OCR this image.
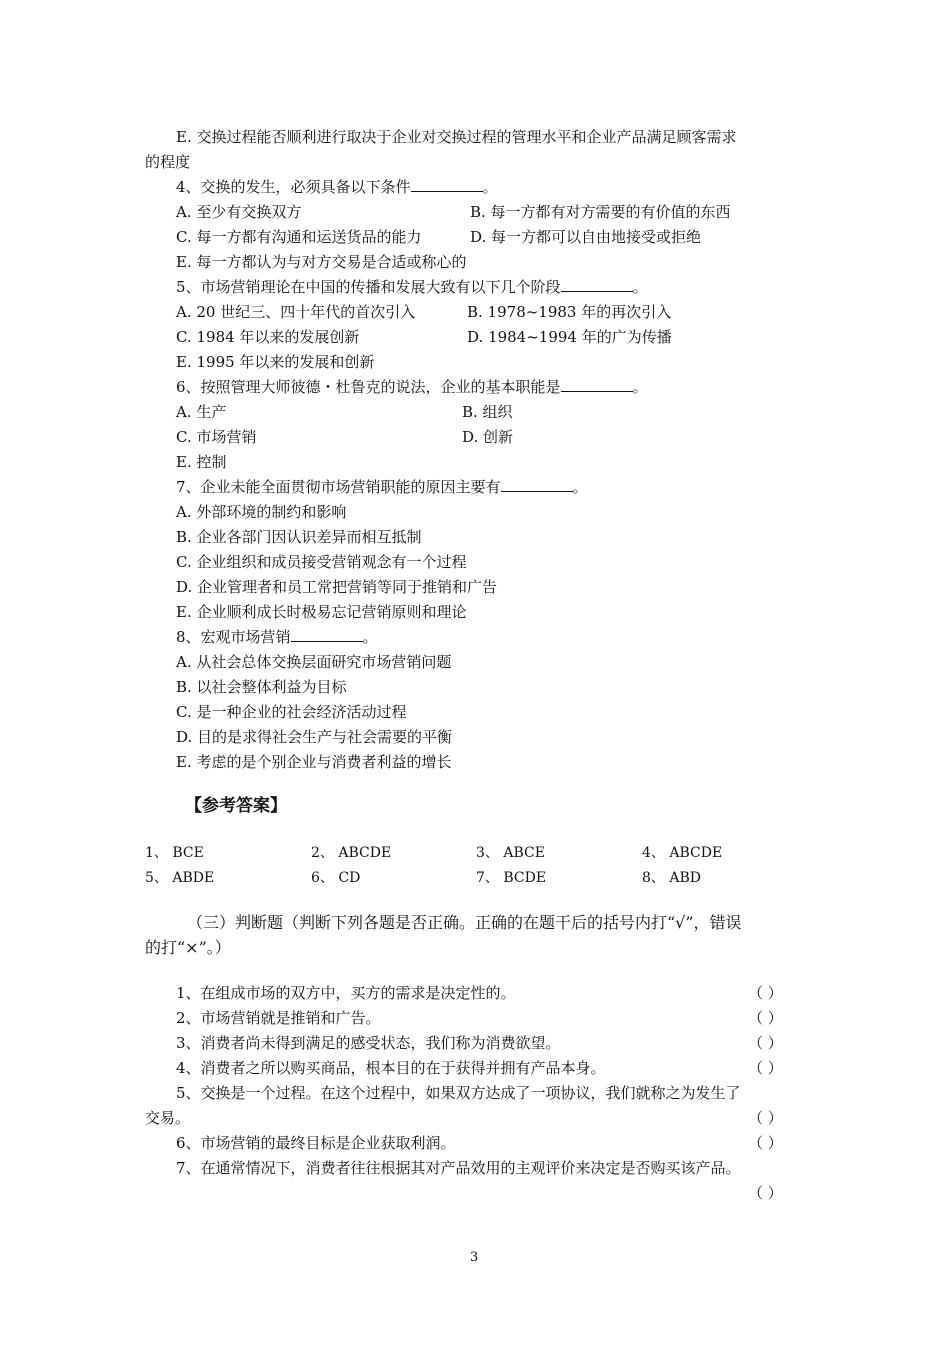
E. 交换过程能否顺利进行取决于企业对交换过程的管理水平和企业产品满足顾客需求
的程度
4、交换的发生，必须具备以下条件	。
A. 至少有交换双方	B. 每一方都有对方需要的有价值的东西
C. 每一方都有沟通和运送货品的能力	D. 每一方都可以自由地接受或拒绝
E. 每一方都认为与对方交易是合适或称心的
5、市场营销理论在中国的传播和发展大致有以下几个阶段	。
A. 20 世纪三、四十年代的首次引入	B. 1978~1983 年的再次引入
C. 1984 年以来的发展创新	D. 1984~1994 年的广为传播
E. 1995 年以来的发展和创新
6、按照管理大师彼德・杜鲁克的说法，企业的基本职能是	。
A. 生产	B. 组织
C. 市场营销	D. 创新
E. 控制
7、企业未能全面贯彻市场营销职能的原因主要有	。
A. 外部环境的制约和影响
B. 企业各部门因认识差异而相互抵制
C. 企业组织和成员接受营销观念有一个过程
D. 企业管理者和员工常把营销等同于推销和广告
E. 企业顺利成长时极易忘记营销原则和理论
8、宏观市场营销	。
A. 从社会总体交换层面研究市场营销问题
B. 以社会整体利益为目标
C. 是一种企业的社会经济活动过程
D. 目的是求得社会生产与社会需要的平衡
E. 考虑的是个别企业与消费者利益的增长
【参考答案】
1、 BCE	2、 ABCDE	3、 ABCE	4、 ABCDE
5、 ABDE	6、 CD	7、 BCDE	8、 ABD
（三）判断题（判断下列各题是否正确。正确的在题干后的括号内打“√”，错误
的打“×”。）
1、在组成市场的双方中，买方的需求是决定性的。	（ ）
2、市场营销就是推销和广告。	（ ）
3、消费者尚未得到满足的感受状态，我们称为消费欲望。	（ ）
4、消费者之所以购买商品，根本目的在于获得并拥有产品本身。	（ ）
5、交换是一个过程。在这个过程中，如果双方达成了一项协议，我们就称之为发生了
交易。	（ ）
6、市场营销的最终目标是企业获取利润。	（ ）
7、在通常情况下，消费者往往根据其对产品效用的主观评价来决定是否购买该产品。
（ ）
3
